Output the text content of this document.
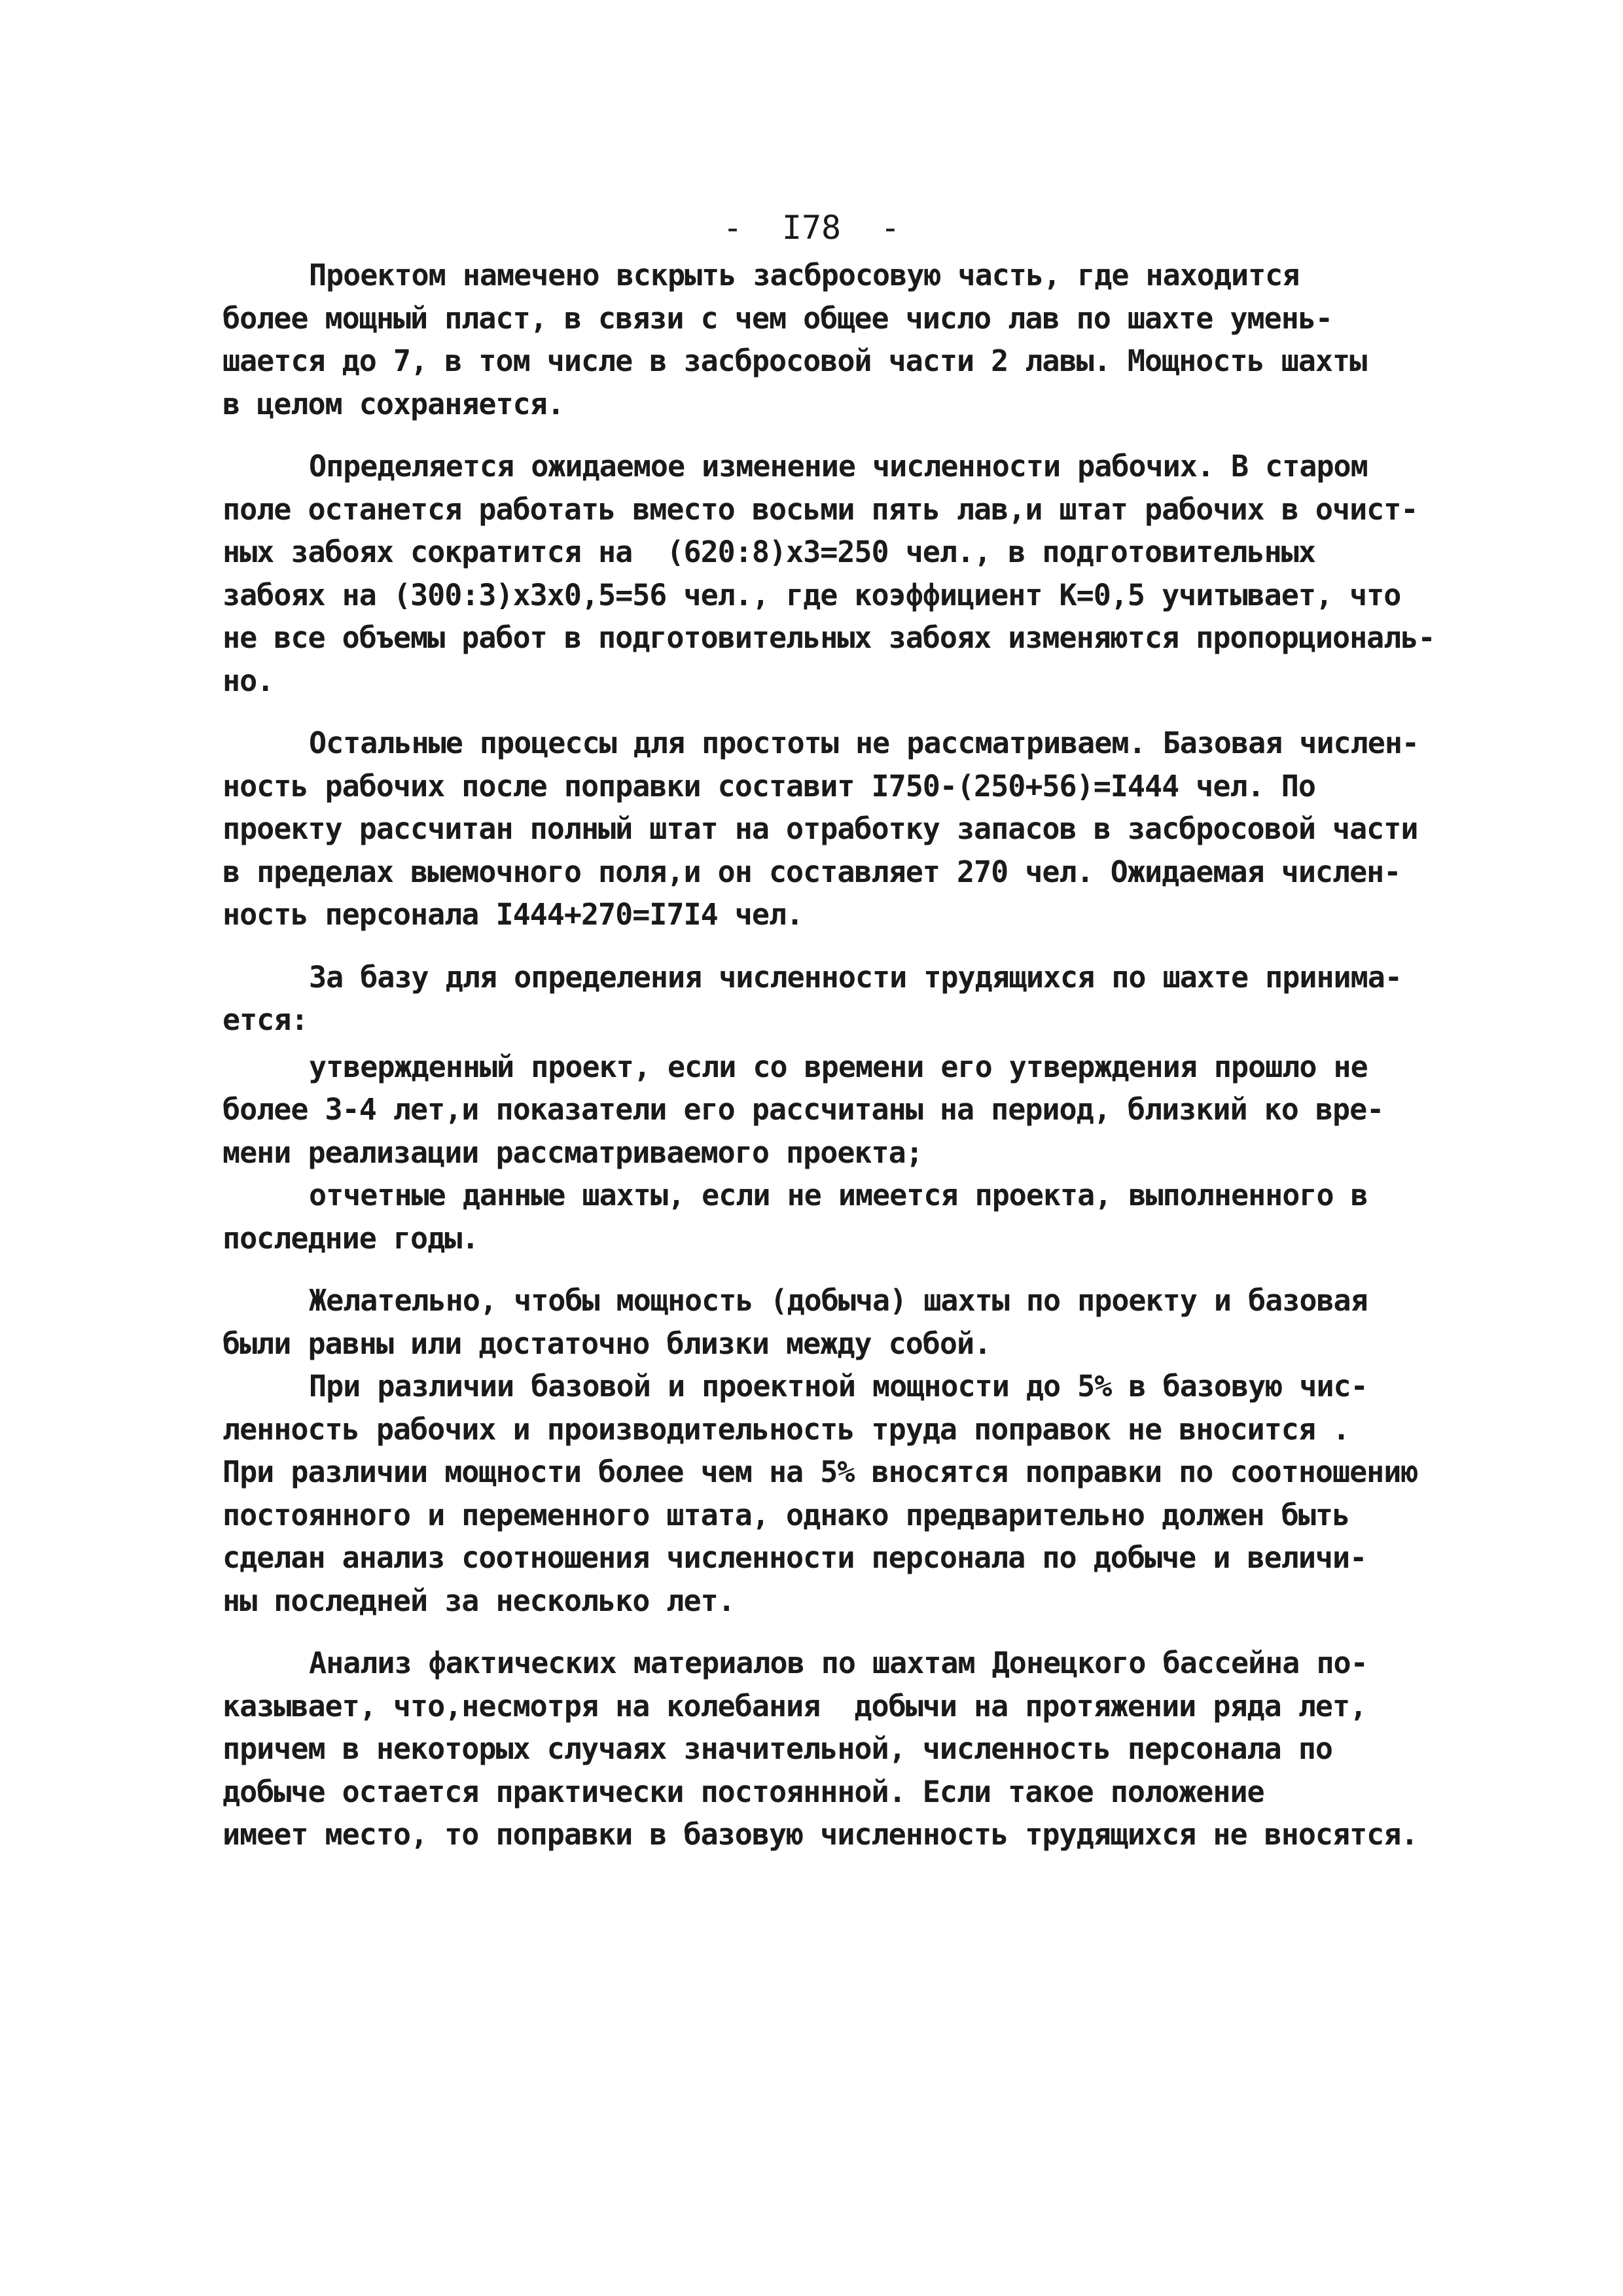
-  I78  -
Проектом намечено вскрыть засбросовую часть, где находится
более мощный пласт, в связи с чем общее число лав по шахте умень-
шается до 7, в том числе в засбросовой части 2 лавы. Мощность шахты
в целом сохраняется.
Определяется ожидаемое изменение численности рабочих. В старом
поле останется работать вместо восьми пять лав,и штат рабочих в очист-
ных забоях сократится на  (620:8)x3=250 чел., в подготовительных
забоях на (300:3)x3x0,5=56 чел., где коэффициент К=0,5 учитывает, что
не все объемы работ в подготовительных забоях изменяются пропорциональ-
но.
Остальные процессы для простоты не рассматриваем. Базовая числен-
ность рабочих после поправки составит I750-(250+56)=I444 чел. По
проекту рассчитан полный штат на отработку запасов в засбросовой части
в пределах выемочного поля,и он составляет 270 чел. Ожидаемая числен-
ность персонала I444+270=I7I4 чел.
За базу для определения численности трудящихся по шахте принима-
ется:
утвержденный проект, если со времени его утверждения прошло не
более 3-4 лет,и показатели его рассчитаны на период, близкий ко вре-
мени реализации рассматриваемого проекта;
отчетные данные шахты, если не имеется проекта, выполненного в
последние годы.
Желательно, чтобы мощность (добыча) шахты по проекту и базовая
были равны или достаточно близки между собой.
При различии базовой и проектной мощности до 5% в базовую чис-
ленность рабочих и производительность труда поправок не вносится .
При различии мощности более чем на 5% вносятся поправки по соотношению
постоянного и переменного штата, однако предварительно должен быть
сделан анализ соотношения численности персонала по добыче и величи-
ны последней за несколько лет.
Анализ фактических материалов по шахтам Донецкого бассейна по-
казывает, что,несмотря на колебания  добычи на протяжении ряда лет,
причем в некоторых случаях значительной, численность персонала по
добыче остается практически постояннной. Если такое положение
имеет место, то поправки в базовую численность трудящихся не вносятся.
